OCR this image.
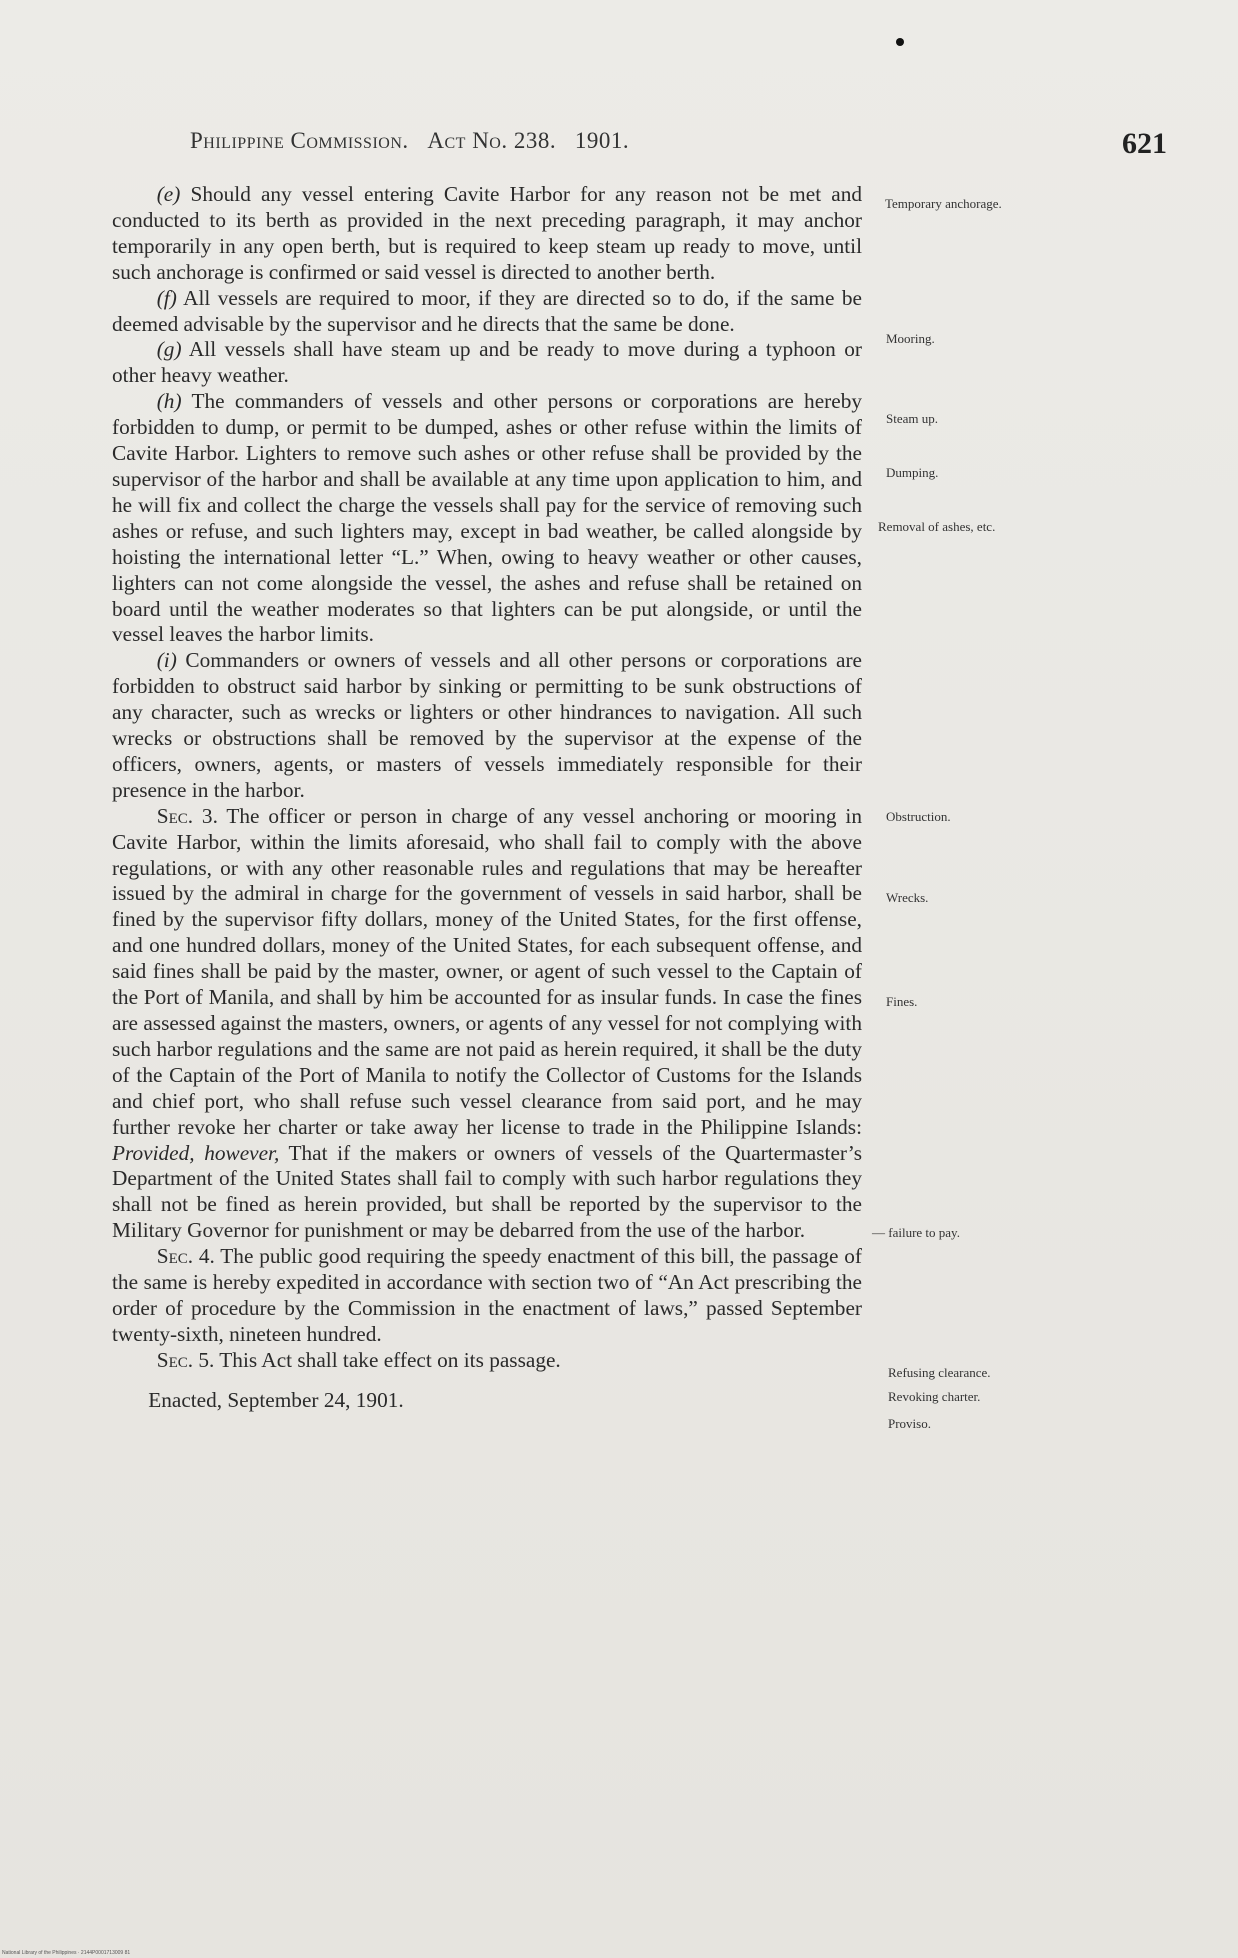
Philippine Commission. Act No. 238. 1901.	621

(e) Should any vessel entering Cavite Harbor for any reason not be met and conducted to its berth as provided in the next preceding paragraph, it may anchor temporarily in any open berth, but is required to keep steam up ready to move, until such anchorage is confirmed or said vessel is directed to another berth.

(f) All vessels are required to moor, if they are directed so to do, if the same be deemed advisable by the supervisor and he directs that the same be done.

(g) All vessels shall have steam up and be ready to move during a typhoon or other heavy weather.

(h) The commanders of vessels and other persons or corporations are hereby forbidden to dump, or permit to be dumped, ashes or other refuse within the limits of Cavite Harbor. Lighters to remove such ashes or other refuse shall be provided by the supervisor of the harbor and shall be available at any time upon application to him, and he will fix and collect the charge the vessels shall pay for the service of removing such ashes or refuse, and such lighters may, except in bad weather, be called alongside by hoisting the international letter “L.” When, owing to heavy weather or other causes, lighters can not come alongside the vessel, the ashes and refuse shall be retained on board until the weather moderates so that lighters can be put alongside, or until the vessel leaves the harbor limits.

(i) Commanders or owners of vessels and all other persons or corporations are forbidden to obstruct said harbor by sinking or permitting to be sunk obstructions of any character, such as wrecks or lighters or other hindrances to navigation. All such wrecks or obstructions shall be removed by the supervisor at the expense of the officers, owners, agents, or masters of vessels immediately responsible for their presence in the harbor.

Sec. 3. The officer or person in charge of any vessel anchoring or mooring in Cavite Harbor, within the limits aforesaid, who shall fail to comply with the above regulations, or with any other reasonable rules and regulations that may be hereafter issued by the admiral in charge for the government of vessels in said harbor, shall be fined by the supervisor fifty dollars, money of the United States, for the first offense, and one hundred dollars, money of the United States, for each subsequent offense, and said fines shall be paid by the master, owner, or agent of such vessel to the Captain of the Port of Manila, and shall by him be accounted for as insular funds. In case the fines are assessed against the masters, owners, or agents of any vessel for not complying with such harbor regulations and the same are not paid as herein required, it shall be the duty of the Captain of the Port of Manila to notify the Collector of Customs for the Islands and chief port, who shall refuse such vessel clearance from said port, and he may further revoke her charter or take away her license to trade in the Philippine Islands: Provided, however, That if the makers or owners of vessels of the Quartermaster’s Department of the United States shall fail to comply with such harbor regulations they shall not be fined as herein provided, but shall be reported by the supervisor to the Military Governor for punishment or may be debarred from the use of the harbor.

Sec. 4. The public good requiring the speedy enactment of this bill, the passage of the same is hereby expedited in accordance with section two of “An Act prescribing the order of procedure by the Commission in the enactment of laws,” passed September twenty-sixth, nineteen hundred.

Sec. 5. This Act shall take effect on its passage.

Enacted, September 24, 1901.

Temporary anchorage.
Mooring.
Steam up.
Dumping.
Removal of ashes, etc.
Obstruction.
Wrecks.
Fines.
— failure to pay.
Refusing clearance.
Revoking charter.
Proviso.
National Library of the Philippines · 2144P0001713009 81
